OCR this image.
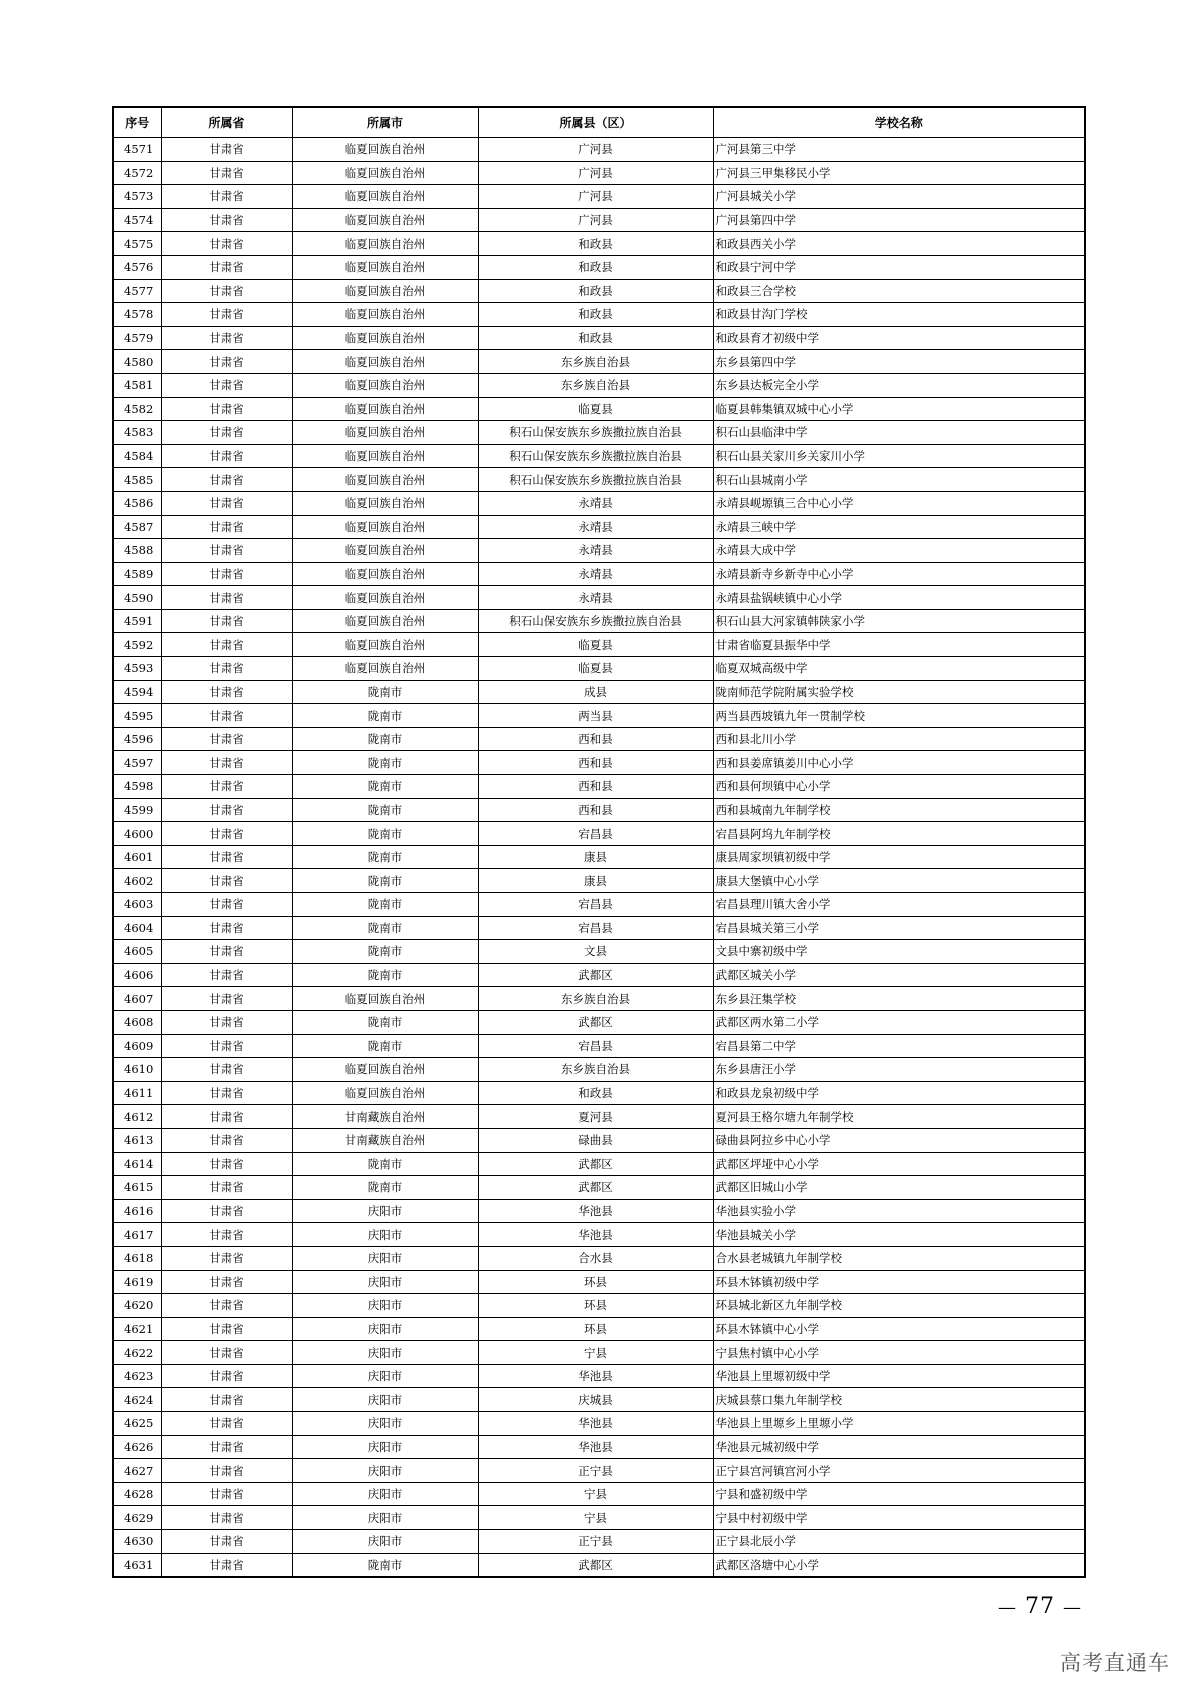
序号	所属省	所属市	所属县（区）	学校名称
4571	甘肃省	临夏回族自治州	广河县	广河县第三中学
4572	甘肃省	临夏回族自治州	广河县	广河县三甲集移民小学
4573	甘肃省	临夏回族自治州	广河县	广河县城关小学
4574	甘肃省	临夏回族自治州	广河县	广河县第四中学
4575	甘肃省	临夏回族自治州	和政县	和政县西关小学
4576	甘肃省	临夏回族自治州	和政县	和政县宁河中学
4577	甘肃省	临夏回族自治州	和政县	和政县三合学校
4578	甘肃省	临夏回族自治州	和政县	和政县甘沟门学校
4579	甘肃省	临夏回族自治州	和政县	和政县育才初级中学
4580	甘肃省	临夏回族自治州	东乡族自治县	东乡县第四中学
4581	甘肃省	临夏回族自治州	东乡族自治县	东乡县达板完全小学
4582	甘肃省	临夏回族自治州	临夏县	临夏县韩集镇双城中心小学
4583	甘肃省	临夏回族自治州	积石山保安族东乡族撒拉族自治县	积石山县临津中学
4584	甘肃省	临夏回族自治州	积石山保安族东乡族撒拉族自治县	积石山县关家川乡关家川小学
4585	甘肃省	临夏回族自治州	积石山保安族东乡族撒拉族自治县	积石山县城南小学
4586	甘肃省	临夏回族自治州	永靖县	永靖县岘塬镇三合中心小学
4587	甘肃省	临夏回族自治州	永靖县	永靖县三峡中学
4588	甘肃省	临夏回族自治州	永靖县	永靖县大成中学
4589	甘肃省	临夏回族自治州	永靖县	永靖县新寺乡新寺中心小学
4590	甘肃省	临夏回族自治州	永靖县	永靖县盐锅峡镇中心小学
4591	甘肃省	临夏回族自治州	积石山保安族东乡族撒拉族自治县	积石山县大河家镇韩陕家小学
4592	甘肃省	临夏回族自治州	临夏县	甘肃省临夏县振华中学
4593	甘肃省	临夏回族自治州	临夏县	临夏双城高级中学
4594	甘肃省	陇南市	成县	陇南师范学院附属实验学校
4595	甘肃省	陇南市	两当县	两当县西坡镇九年一贯制学校
4596	甘肃省	陇南市	西和县	西和县北川小学
4597	甘肃省	陇南市	西和县	西和县姜席镇姜川中心小学
4598	甘肃省	陇南市	西和县	西和县何坝镇中心小学
4599	甘肃省	陇南市	西和县	西和县城南九年制学校
4600	甘肃省	陇南市	宕昌县	宕昌县阿坞九年制学校
4601	甘肃省	陇南市	康县	康县周家坝镇初级中学
4602	甘肃省	陇南市	康县	康县大堡镇中心小学
4603	甘肃省	陇南市	宕昌县	宕昌县理川镇大舍小学
4604	甘肃省	陇南市	宕昌县	宕昌县城关第三小学
4605	甘肃省	陇南市	文县	文县中寨初级中学
4606	甘肃省	陇南市	武都区	武都区城关小学
4607	甘肃省	临夏回族自治州	东乡族自治县	东乡县汪集学校
4608	甘肃省	陇南市	武都区	武都区两水第二小学
4609	甘肃省	陇南市	宕昌县	宕昌县第二中学
4610	甘肃省	临夏回族自治州	东乡族自治县	东乡县唐汪小学
4611	甘肃省	临夏回族自治州	和政县	和政县龙泉初级中学
4612	甘肃省	甘南藏族自治州	夏河县	夏河县王格尔塘九年制学校
4613	甘肃省	甘南藏族自治州	碌曲县	碌曲县阿拉乡中心小学
4614	甘肃省	陇南市	武都区	武都区坪垭中心小学
4615	甘肃省	陇南市	武都区	武都区旧城山小学
4616	甘肃省	庆阳市	华池县	华池县实验小学
4617	甘肃省	庆阳市	华池县	华池县城关小学
4618	甘肃省	庆阳市	合水县	合水县老城镇九年制学校
4619	甘肃省	庆阳市	环县	环县木钵镇初级中学
4620	甘肃省	庆阳市	环县	环县城北新区九年制学校
4621	甘肃省	庆阳市	环县	环县木钵镇中心小学
4622	甘肃省	庆阳市	宁县	宁县焦村镇中心小学
4623	甘肃省	庆阳市	华池县	华池县上里塬初级中学
4624	甘肃省	庆阳市	庆城县	庆城县蔡口集九年制学校
4625	甘肃省	庆阳市	华池县	华池县上里塬乡上里塬小学
4626	甘肃省	庆阳市	华池县	华池县元城初级中学
4627	甘肃省	庆阳市	正宁县	正宁县宫河镇宫河小学
4628	甘肃省	庆阳市	宁县	宁县和盛初级中学
4629	甘肃省	庆阳市	宁县	宁县中村初级中学
4630	甘肃省	庆阳市	正宁县	正宁县北辰小学
4631	甘肃省	陇南市	武都区	武都区洛塘中心小学
— 77 —
高考直通车
